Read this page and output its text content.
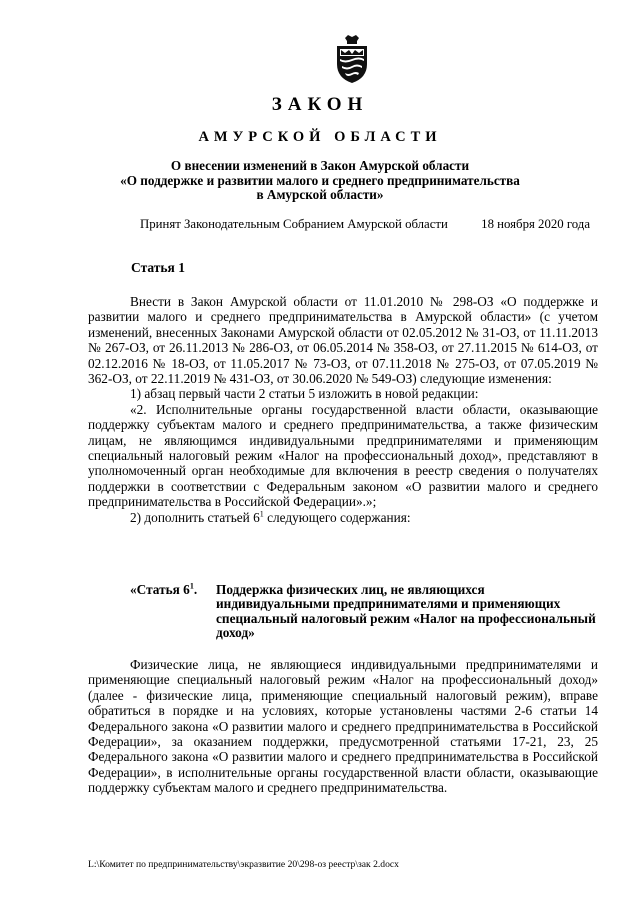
ЗАКОН
АМУРСКОЙ ОБЛАСТИ
О внесении изменений в Закон Амурской области
«О поддержке и развитии малого и среднего предпринимательства
в Амурской области»
Принят Законодательным Собранием Амурской области	18 ноября 2020 года
Статья 1

Внести в Закон Амурской области от 11.01.2010 № 298-ОЗ «О поддержке и развитии малого и среднего предпринимательства в Амурской области» (с учетом изменений, внесенных Законами Амурской области от 02.05.2012 № 31-ОЗ, от 11.11.2013 № 267-ОЗ, от 26.11.2013 № 286-ОЗ, от 06.05.2014 № 358-ОЗ, от 27.11.2015 № 614-ОЗ, от 02.12.2016 № 18-ОЗ, от 11.05.2017 № 73-ОЗ, от 07.11.2018 № 275-ОЗ, от 07.05.2019 № 362-ОЗ, от 22.11.2019 № 431-ОЗ, от 30.06.2020 № 549-ОЗ) следующие изменения:

1) абзац первый части 2 статьи 5 изложить в новой редакции:

«2. Исполнительные органы государственной власти области, оказывающие поддержку субъектам малого и среднего предпринимательства, а также физическим лицам, не являющимся индивидуальными предпринимателями и применяющим специальный налоговый режим «Налог на профессиональный доход», представляют в уполномоченный орган необходимые для включения в реестр сведения о получателях поддержки в соответствии с Федеральным законом «О развитии малого и среднего предпринимательства в Российской Федерации».»;

2) дополнить статьей $6^1$ следующего содержания:

«Статья $6^1$. Поддержка физических лиц, не являющихся индивидуальными предпринимателями и применяющих специальный налоговый режим «Налог на профессиональный доход»

Физические лица, не являющиеся индивидуальными предпринимателями и применяющие специальный налоговый режим «Налог на профессиональный доход» (далее - физические лица, применяющие специальный налоговый режим), вправе обратиться в порядке и на условиях, которые установлены частями 2-6 статьи 14 Федерального закона «О развитии малого и среднего предпринимательства в Российской Федерации», за оказанием поддержки, предусмотренной статьями 17-21, 23, 25 Федерального закона «О развитии малого и среднего предпринимательства в Российской Федерации», в исполнительные органы государственной власти области, оказывающие поддержку субъектам малого и среднего предпринимательства.

L:\Комитет по предпринимательству\экразвитие 20\298-оз реестр\зак 2.docx
